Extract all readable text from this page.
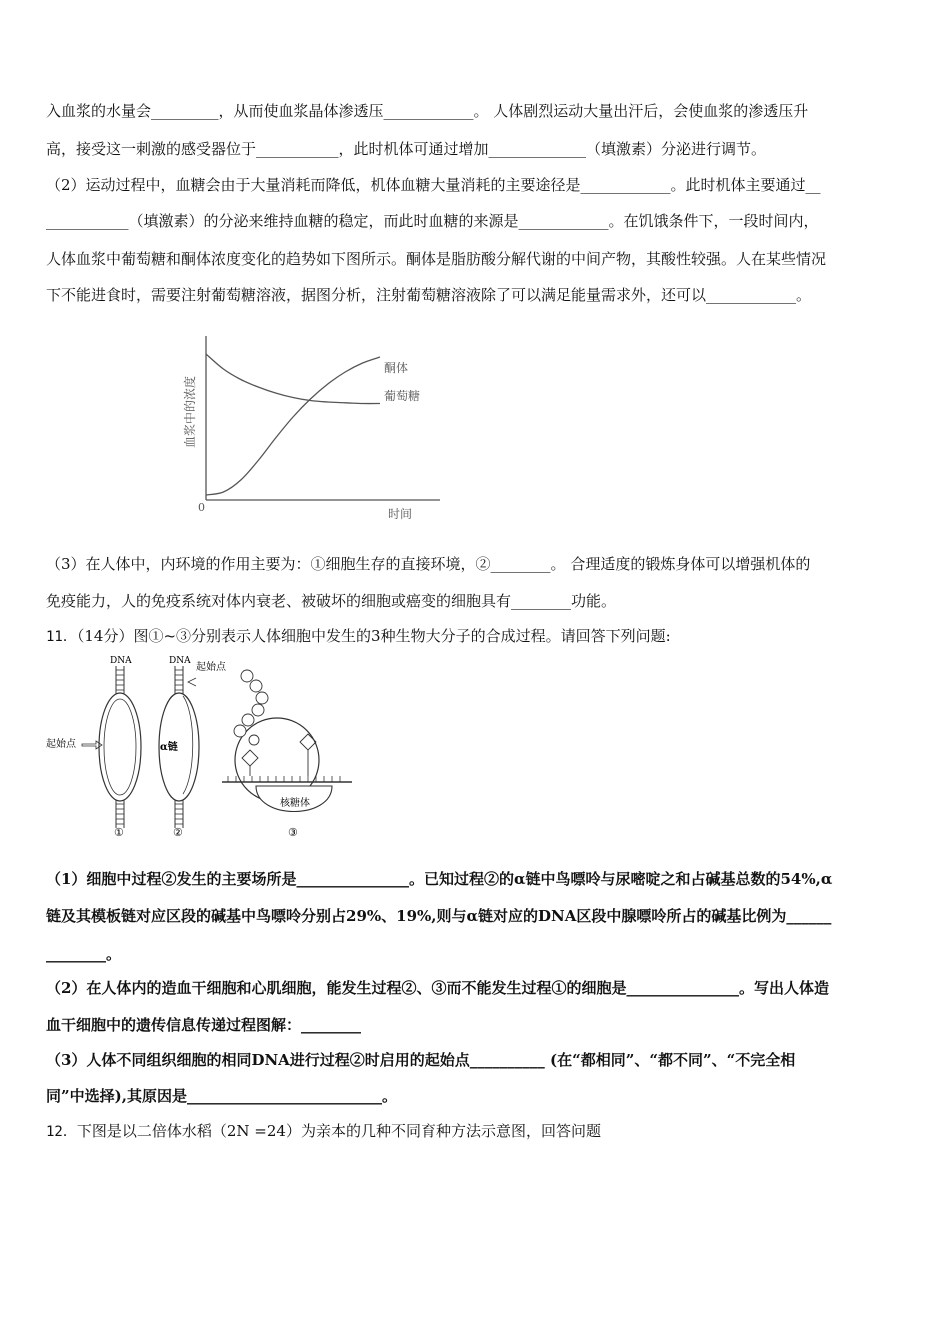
入血浆的水量会_________，从而使血浆晶体渗透压____________。 人体剧烈运动大量出汗后，会使血浆的渗透压升
高，接受这一刺激的感受器位于___________，此时机体可通过增加_____________（填激素）分泌进行调节。
（2）运动过程中，血糖会由于大量消耗而降低，机体血糖大量消耗的主要途径是____________。此时机体主要通过__
___________（填激素）的分泌来维持血糖的稳定，而此时血糖的来源是____________。在饥饿条件下，一段时间内，
人体血浆中葡萄糖和酮体浓度变化的趋势如下图所示。酮体是脂肪酸分解代谢的中间产物，其酸性较强。人在某些情况
下不能进食时，需要注射葡萄糖溶液，据图分析，注射葡萄糖溶液除了可以满足能量需求外，还可以____________。
血浆中的浓度
时间
0
酮体
葡萄糖
（3）在人体中，内环境的作用主要为：①细胞生存的直接环境，②________。 合理适度的锻炼身体可以增强机体的
免疫能力，人的免疫系统对体内衰老、被破坏的细胞或癌变的细胞具有________功能。
11．（14分）图①~③分别表示人体细胞中发生的3种生物大分子的合成过程。请回答下列问题:
DNA
起始点
①
DNA
α链
起始点
②
核糖体
③
（1）细胞中过程②发生的主要场所是_______________。已知过程②的α链中鸟嘌呤与尿嘧啶之和占碱基总数的54%,α
链及其模板链对应区段的碱基中鸟嘌呤分别占29%、19%,则与α链对应的DNA区段中腺嘌呤所占的碱基比例为______
________。
（2）在人体内的造血干细胞和心肌细胞，能发生过程②、③而不能发生过程①的细胞是_______________。写出人体造
血干细胞中的遗传信息传递过程图解：________
（3）人体不同组织细胞的相同DNA进行过程②时启用的起始点__________ (在“都相同”、“都不同”、“不完全相
同”中选择),其原因是__________________________。
12．下图是以二倍体水稻（2N =24）为亲本的几种不同育种方法示意图，回答问题
